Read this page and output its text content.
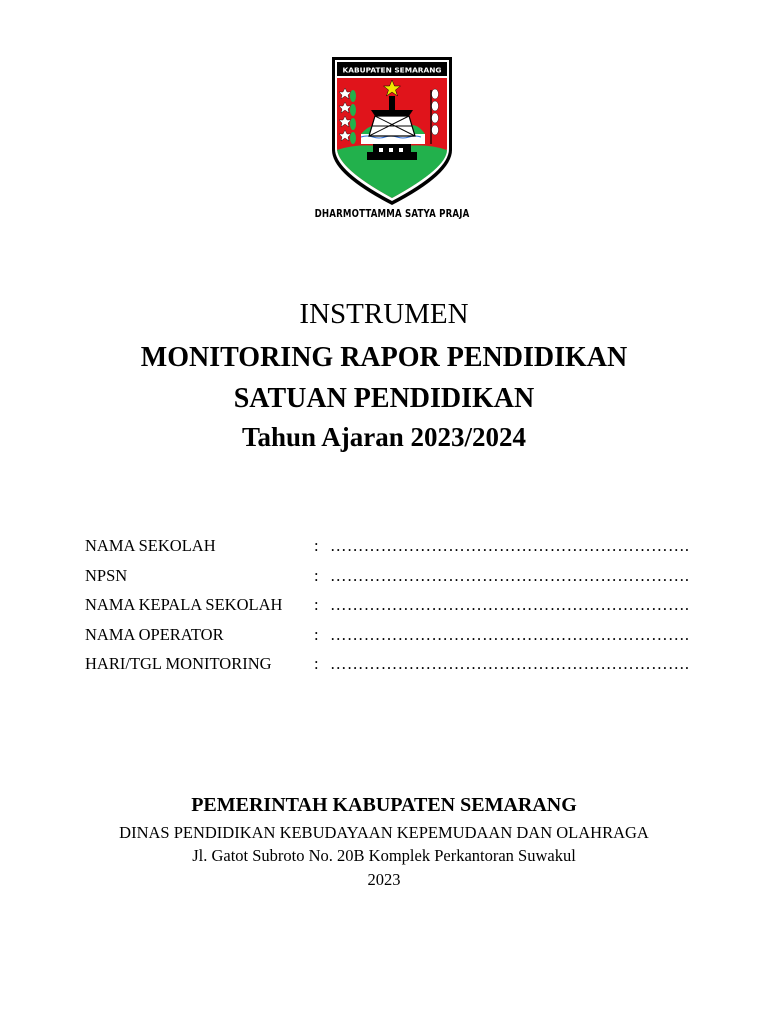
KABUPATEN SEMARANG
DHARMOTTAMMA SATYA PRAJA
INSTRUMEN
MONITORING RAPOR PENDIDIKAN
SATUAN PENDIDIKAN
Tahun Ajaran 2023/2024
NAMA SEKOLAH	: ……………………………………………………….
NPSN	: ……………………………………………………….
NAMA KEPALA SEKOLAH : ……………………………………………………….
NAMA OPERATOR	: ……………………………………………………….
HARI/TGL MONITORING	: ……………………………………………………….
PEMERINTAH KABUPATEN SEMARANG
DINAS PENDIDIKAN KEBUDAYAAN KEPEMUDAAN DAN OLAHRAGA
Jl. Gatot Subroto No. 20B Komplek Perkantoran Suwakul
2023
